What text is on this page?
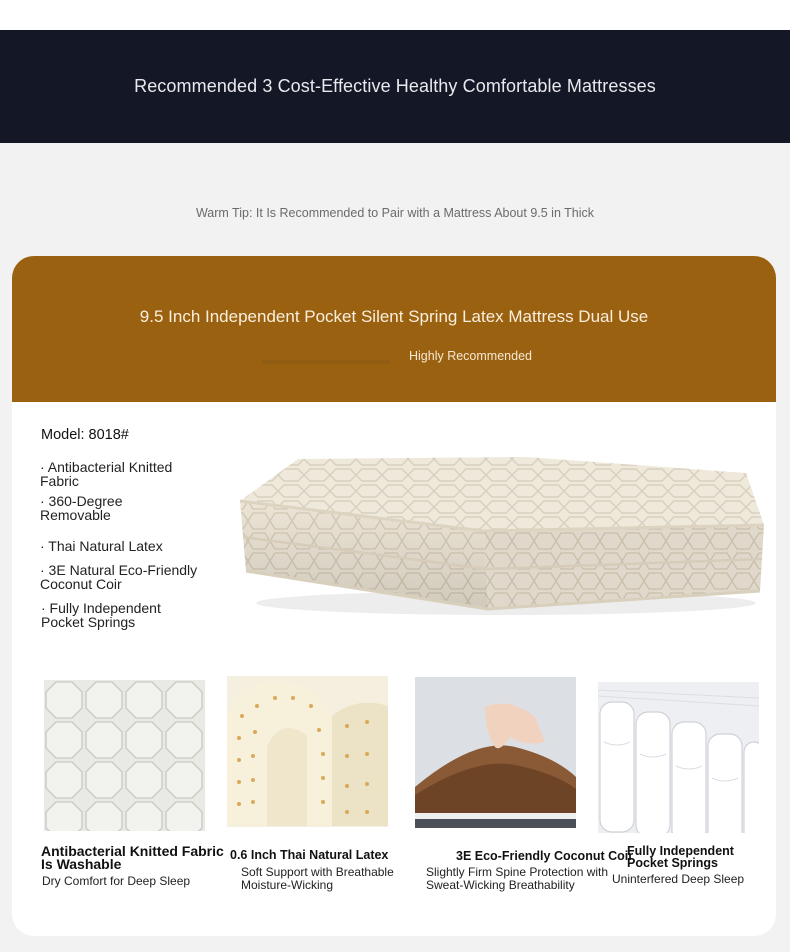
Recommended 3 Cost-Effective Healthy Comfortable Mattresses
Warm Tip: It Is Recommended to Pair with a Mattress About 9.5 in Thick
9.5 Inch Independent Pocket Silent Spring Latex Mattress Dual Use
Highly Recommended
Model: 8018#
· Antibacterial Knitted Fabric
· 360-Degree Removable
· Thai Natural Latex
· 3E Natural Eco-Friendly Coconut Coir
· Fully Independent Pocket Springs
Antibacterial Knitted Fabric Is Washable
Dry Comfort for Deep Sleep
0.6 Inch Thai Natural Latex
Soft Support with Breathable Moisture-Wicking
3E Eco-Friendly Coconut Coir
Slightly Firm Spine Protection with Sweat-Wicking Breathability
Fully Independent Pocket Springs
Uninterfered Deep Sleep
